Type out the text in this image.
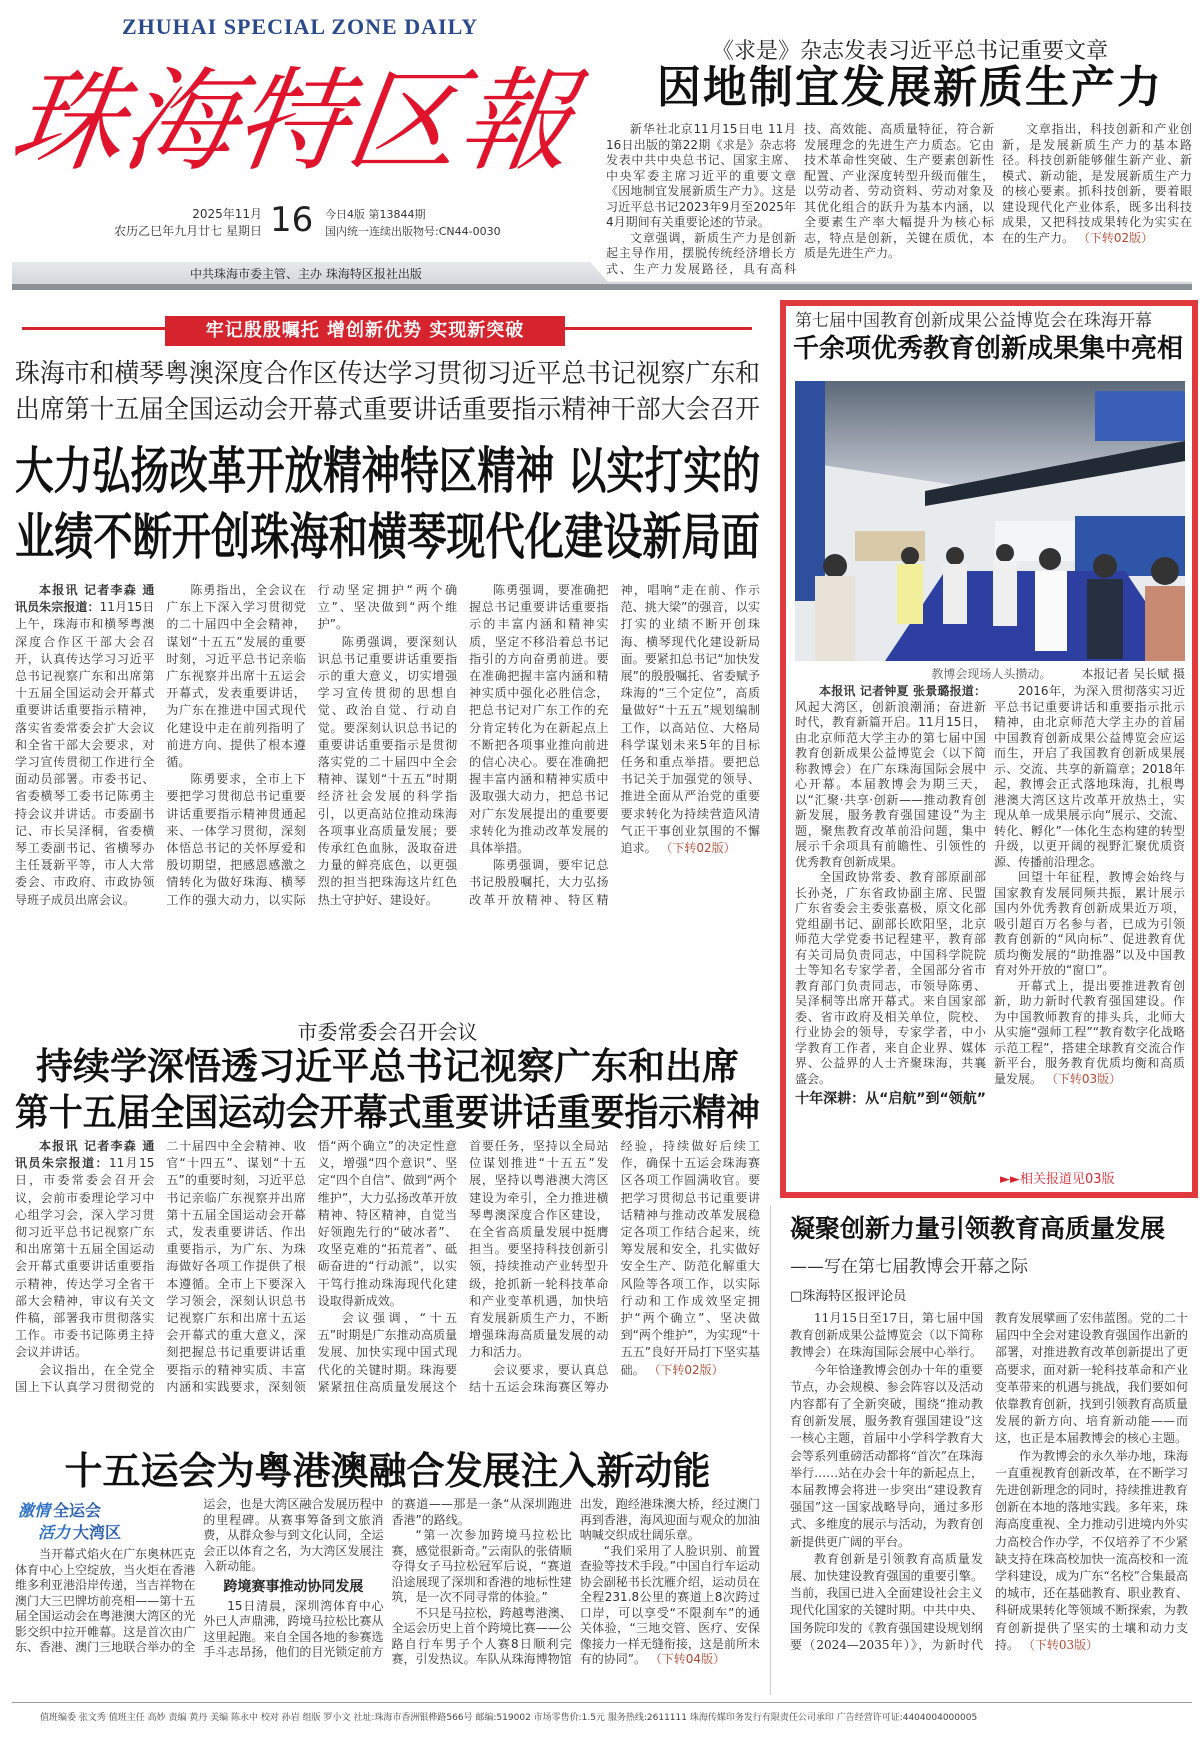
ZHUHAI SPECIAL ZONE DAILY
珠海特区報
2025年11月
农历乙巳年九月廿七 星期日 16 今日4版 第13844期
国内统一连续出版物号:CN44-0030
中共珠海市委主管、主办 珠海特区报社出版
《求是》杂志发表习近平总书记重要文章
因地制宜发展新质生产力

新华社北京11月15日电 11月16日出版的第22期《求是》杂志将发表中共中央总书记、国家主席、中央军委主席习近平的重要文章《因地制宜发展新质生产力》。这是习近平总书记2023年9月至2025年4月期间有关重要论述的节录。

文章强调，新质生产力是创新起主导作用，摆脱传统经济增长方式、生产力发展路径，具有高科技、高效能、高质量特征，符合新发展理念的先进生产力质态。它由技术革命性突破、生产要素创新性配置、产业深度转型升级而催生，以劳动者、劳动资料、劳动对象及其优化组合的跃升为基本内涵，以全要素生产率大幅提升为核心标志，特点是创新，关键在质优，本质是先进生产力。

文章指出，科技创新和产业创新，是发展新质生产力的基本路径。科技创新能够催生新产业、新模式、新动能，是发展新质生产力的核心要素。抓科技创新，要着眼建设现代化产业体系，既多出科技成果，又把科技成果转化为实实在在的生产力。 （下转02版）

牢记殷殷嘱托 增创新优势 实现新突破
珠海市和横琴粤澳深度合作区传达学习贯彻习近平总书记视察广东和
出席第十五届全国运动会开幕式重要讲话重要指示精神干部大会召开
大力弘扬改革开放精神特区精神 以实打实的
业绩不断开创珠海和横琴现代化建设新局面

本报讯 记者李森 通讯员朱宗报道：11月15日上午，珠海市和横琴粤澳深度合作区干部大会召开，认真传达学习习近平总书记视察广东和出席第十五届全国运动会开幕式重要讲话重要指示精神，落实省委常委会扩大会议和全省干部大会要求，对学习宣传贯彻工作进行全面动员部署。市委书记、省委横琴工委书记陈勇主持会议并讲话。市委副书记、市长吴泽桐，省委横琴工委副书记、省横琴办主任聂新平等，市人大常委会、市政府、市政协领导班子成员出席会议。

陈勇指出，全会议在广东上下深入学习贯彻党的二十届四中全会精神，谋划“十五五”发展的重要时刻，习近平总书记亲临广东视察并出席十五运会开幕式，发表重要讲话，为广东在推进中国式现代化建设中走在前列指明了前进方向、提供了根本遵循。

陈勇要求，全市上下要把学习贯彻总书记重要讲话重要指示精神贯通起来、一体学习贯彻，深刻体悟总书记的关怀厚爱和殷切期望，把感恩感激之情转化为做好珠海、横琴工作的强大动力，以实际行动坚定拥护“两个确立”、坚决做到“两个维护”。

陈勇强调，要深刻认识总书记重要讲话重要指示的重大意义，切实增强学习宣传贯彻的思想自觉、政治自觉、行动自觉。要深刻认识总书记的重要讲话重要指示是贯彻落实党的二十届四中全会精神、谋划“十五五”时期经济社会发展的科学指引，以更高站位推动珠海各项事业高质量发展；要传承红色血脉，汲取奋进力量的鲜亮底色，以更强烈的担当把珠海这片红色热土守护好、建设好。

陈勇强调，要准确把握总书记重要讲话重要指示的丰富内涵和精神实质，坚定不移沿着总书记指引的方向奋勇前进。要在准确把握丰富内涵和精神实质中强化必胜信念，把总书记对广东工作的充分肯定转化为在新起点上不断把各项事业推向前进的信心决心。要在准确把握丰富内涵和精神实质中汲取强大动力，把总书记对广东发展提出的重要要求转化为推动改革发展的具体举措。

陈勇强调，要牢记总书记殷殷嘱托，大力弘扬改革开放精神、特区精神，唱响“走在前、作示范、挑大梁”的强音，以实打实的业绩不断开创珠海、横琴现代化建设新局面。要紧扣总书记“加快发展”的殷殷嘱托、省委赋予珠海的“三个定位”，高质量做好“十五五”规划编制工作，以高站位、大格局科学谋划未来5年的目标任务和重点举措。要把总书记关于加强党的领导、推进全面从严治党的重要要求转化为持续营造风清气正干事创业氛围的不懈追求。 （下转02版）

第七届中国教育创新成果公益博览会在珠海开幕
千余项优秀教育创新成果集中亮相
教博会现场人头攒动。	本报记者 吴长赋 摄

本报讯 记者钟夏 张景璐报道：风起大湾区，创新浪潮涌；奋进新时代，教育新篇开启。11月15日，由北京师范大学主办的第七届中国教育创新成果公益博览会（以下简称教博会）在广东珠海国际会展中心开幕。本届教博会为期三天，以“汇聚·共享·创新——推动教育创新发展，服务教育强国建设”为主题，聚焦教育改革前沿问题，集中展示千余项具有前瞻性、引领性的优秀教育创新成果。

全国政协常委、教育部原副部长孙尧，广东省政协副主席、民盟广东省委会主委张嘉极，原文化部党组副书记、副部长欧阳坚，北京师范大学党委书记程建平，教育部有关司局负责同志，中国科学院院士等知名专家学者，全国部分省市教育部门负责同志，市领导陈勇、吴泽桐等出席开幕式。来自国家部委、省市政府及相关单位，院校、行业协会的领导，专家学者，中小学教育工作者，来自企业界、媒体界、公益界的人士齐聚珠海，共襄盛会。

十年深耕：从“启航”到“领航”

2016年，为深入贯彻落实习近平总书记重要讲话和重要指示批示精神，由北京师范大学主办的首届中国教育创新成果公益博览会应运而生，开启了我国教育创新成果展示、交流、共享的新篇章；2018年起，教博会正式落地珠海，扎根粤港澳大湾区这片改革开放热土，实现从单一成果展示向“展示、交流、转化、孵化”一体化生态构建的转型升级，以更开阔的视野汇聚优质资源、传播前沿理念。

回望十年征程，教博会始终与国家教育发展同频共振，累计展示国内外优秀教育创新成果近万项，吸引超百万名参与者，已成为引领教育创新的“风向标”、促进教育优质均衡发展的“助推器”以及中国教育对外开放的“窗口”。

开幕式上，提出要推进教育创新，助力新时代教育强国建设。作为中国教师教育的排头兵，北师大从实施“强师工程”“教育数字化战略示范工程”，搭建全球教育交流合作新平台，服务教育优质均衡和高质量发展。 （下转03版）

►►相关报道见03版
市委常委会召开会议
持续学深悟透习近平总书记视察广东和出席
第十五届全国运动会开幕式重要讲话重要指示精神

本报讯 记者李森 通讯员朱宗报道：11月15日，市委常委会召开会议，会前市委理论学习中心组学习会，深入学习贯彻习近平总书记视察广东和出席第十五届全国运动会开幕式重要讲话重要指示精神，传达学习全省干部大会精神，审议有关文件稿，部署我市贯彻落实工作。市委书记陈勇主持会议并讲话。

会议指出，在全党全国上下认真学习贯彻党的二十届四中全会精神、收官“十四五”、谋划“十五五”的重要时刻，习近平总书记亲临广东视察并出席第十五届全国运动会开幕式，发表重要讲话、作出重要指示，为广东、为珠海做好各项工作提供了根本遵循。全市上下要深入学习领会，深刻认识总书记视察广东和出席十五运会开幕式的重大意义，深刻把握总书记重要讲话重要指示的精神实质、丰富内涵和实践要求，深刻领悟“两个确立”的决定性意义，增强“四个意识”、坚定“四个自信”、做到“两个维护”，大力弘扬改革开放精神、特区精神，自觉当好领跑先行的“破冰者”、攻坚克难的“拓荒者”、砥砺奋进的“行动派”，以实干笃行推动珠海现代化建设取得新成效。

会议强调，“十五五”时期是广东推动高质量发展、加快实现中国式现代化的关键时期。珠海要紧紧扭住高质量发展这个首要任务，坚持以全局站位谋划推进“十五五”发展，坚持以粤港澳大湾区建设为牵引，全力推进横琴粤澳深度合作区建设，在全省高质量发展中挺膺担当。要坚持科技创新引领，持续推动产业转型升级，抢抓新一轮科技革命和产业变革机遇，加快培育发展新质生产力，不断增强珠海高质量发展的动力和活力。

会议要求，要认真总结十五运会珠海赛区筹办经验，持续做好后续工作，确保十五运会珠海赛区各项工作圆满收官。要把学习贯彻总书记重要讲话精神与推动改革发展稳定各项工作结合起来，统筹发展和安全，扎实做好安全生产、防范化解重大风险等各项工作，以实际行动和工作成效坚定拥护“两个确立”、坚决做到“两个维护”，为实现“十五五”良好开局打下坚实基础。 （下转02版）

十五运会为粤港澳融合发展注入新动能

当开幕式焰火在广东奥林匹克体育中心上空绽放，当火炬在香港维多利亚港沿岸传递，当吉祥物在澳门大三巴牌坊前亮相——第十五届全国运动会在粤港澳大湾区的光影交织中拉开帷幕。这是首次由广东、香港、澳门三地联合举办的全运会，也是大湾区融合发展历程中的里程碑。从赛事筹备到文旅消费，从群众参与到文化认同，全运会正以体育之名，为大湾区发展注入新动能。

跨境赛事推动协同发展

15日清晨，深圳湾体育中心外已人声鼎沸，跨境马拉松比赛从这里起跑。来自全国各地的参赛选手斗志昂扬，他们的目光锁定前方的赛道——那是一条“从深圳跑进香港”的路线。

“第一次参加跨境马拉松比赛，感觉很新奇。”云南队的张倩顺夺得女子马拉松冠军后说，“赛道沿途展现了深圳和香港的地标性建筑，是一次不同寻常的体验。”

不只是马拉松，跨越粤港澳、全运会历史上首个跨境比赛——公路自行车男子个人赛8日顺利完赛，引发热议。车队从珠海博物馆出发，跑经港珠澳大桥，经过澳门再到香港，海风迎面与观众的加油呐喊交织成壮阔乐章。

“我们采用了人脸识别、前置查验等技术手段。”中国自行车运动协会副秘书长沈雁介绍，运动员在全程231.8公里的赛道上8次跨过口岸，可以享受“不限刹车”的通关体验，“三地交管、医疗、安保像接力一样无缝衔接，这是前所未有的协同”。 （下转04版）

激情 全运会
活力 大湾区
凝聚创新力量引领教育高质量发展
——写在第七届教博会开幕之际
□珠海特区报评论员

11月15日至17日，第七届中国教育创新成果公益博览会（以下简称教博会）在珠海国际会展中心举行。

今年恰逢教博会创办十年的重要节点，办会规模、参会阵容以及活动内容都有了全新突破，围绕“推动教育创新发展，服务教育强国建设”这一核心主题，首届中小学科学教育大会等系列重磅活动都将“首次”在珠海举行……站在办会十年的新起点上，本届教博会将进一步突出“建设教育强国”这一国家战略导向，通过多形式、多维度的展示与活动，为教育创新提供更广阔的平台。

教育创新是引领教育高质量发展、加快建设教育强国的重要引擎。当前，我国已进入全面建设社会主义现代化国家的关键时期。中共中央、国务院印发的《教育强国建设规划纲要（2024—2035年）》，为新时代教育发展擘画了宏伟蓝图。党的二十届四中全会对建设教育强国作出新的部署，对推进教育改革创新提出了更高要求，面对新一轮科技革命和产业变革带来的机遇与挑战，我们要如何依靠教育创新，找到引领教育高质量发展的新方向、培育新动能——而这，也正是本届教博会的核心主题。

作为教博会的永久举办地，珠海一直重视教育创新改革，在不断学习先进创新理念的同时，持续推进教育创新在本地的落地实践。多年来，珠海高度重视、全力推动引进境内外实力高校合作办学，不仅培养了不少紧缺支持在珠高校加快一流高校和一流学科建设，成为广东“名校”合集最高的城市，还在基础教育、职业教育、科研成果转化等领域不断探索，为教育创新提供了坚实的土壤和动力支持。 （下转03版）

值班编委 张文秀 值班主任 高妙 责编 黄丹 美编 陈永中 校对 孙岩 组版 罗小文 社址:珠海市香洲银桦路566号 邮编:519002 市场零售价:1.5元 服务热线:2611111 珠海传媒印务发行有限责任公司承印 广告经营许可证:4404004000005
